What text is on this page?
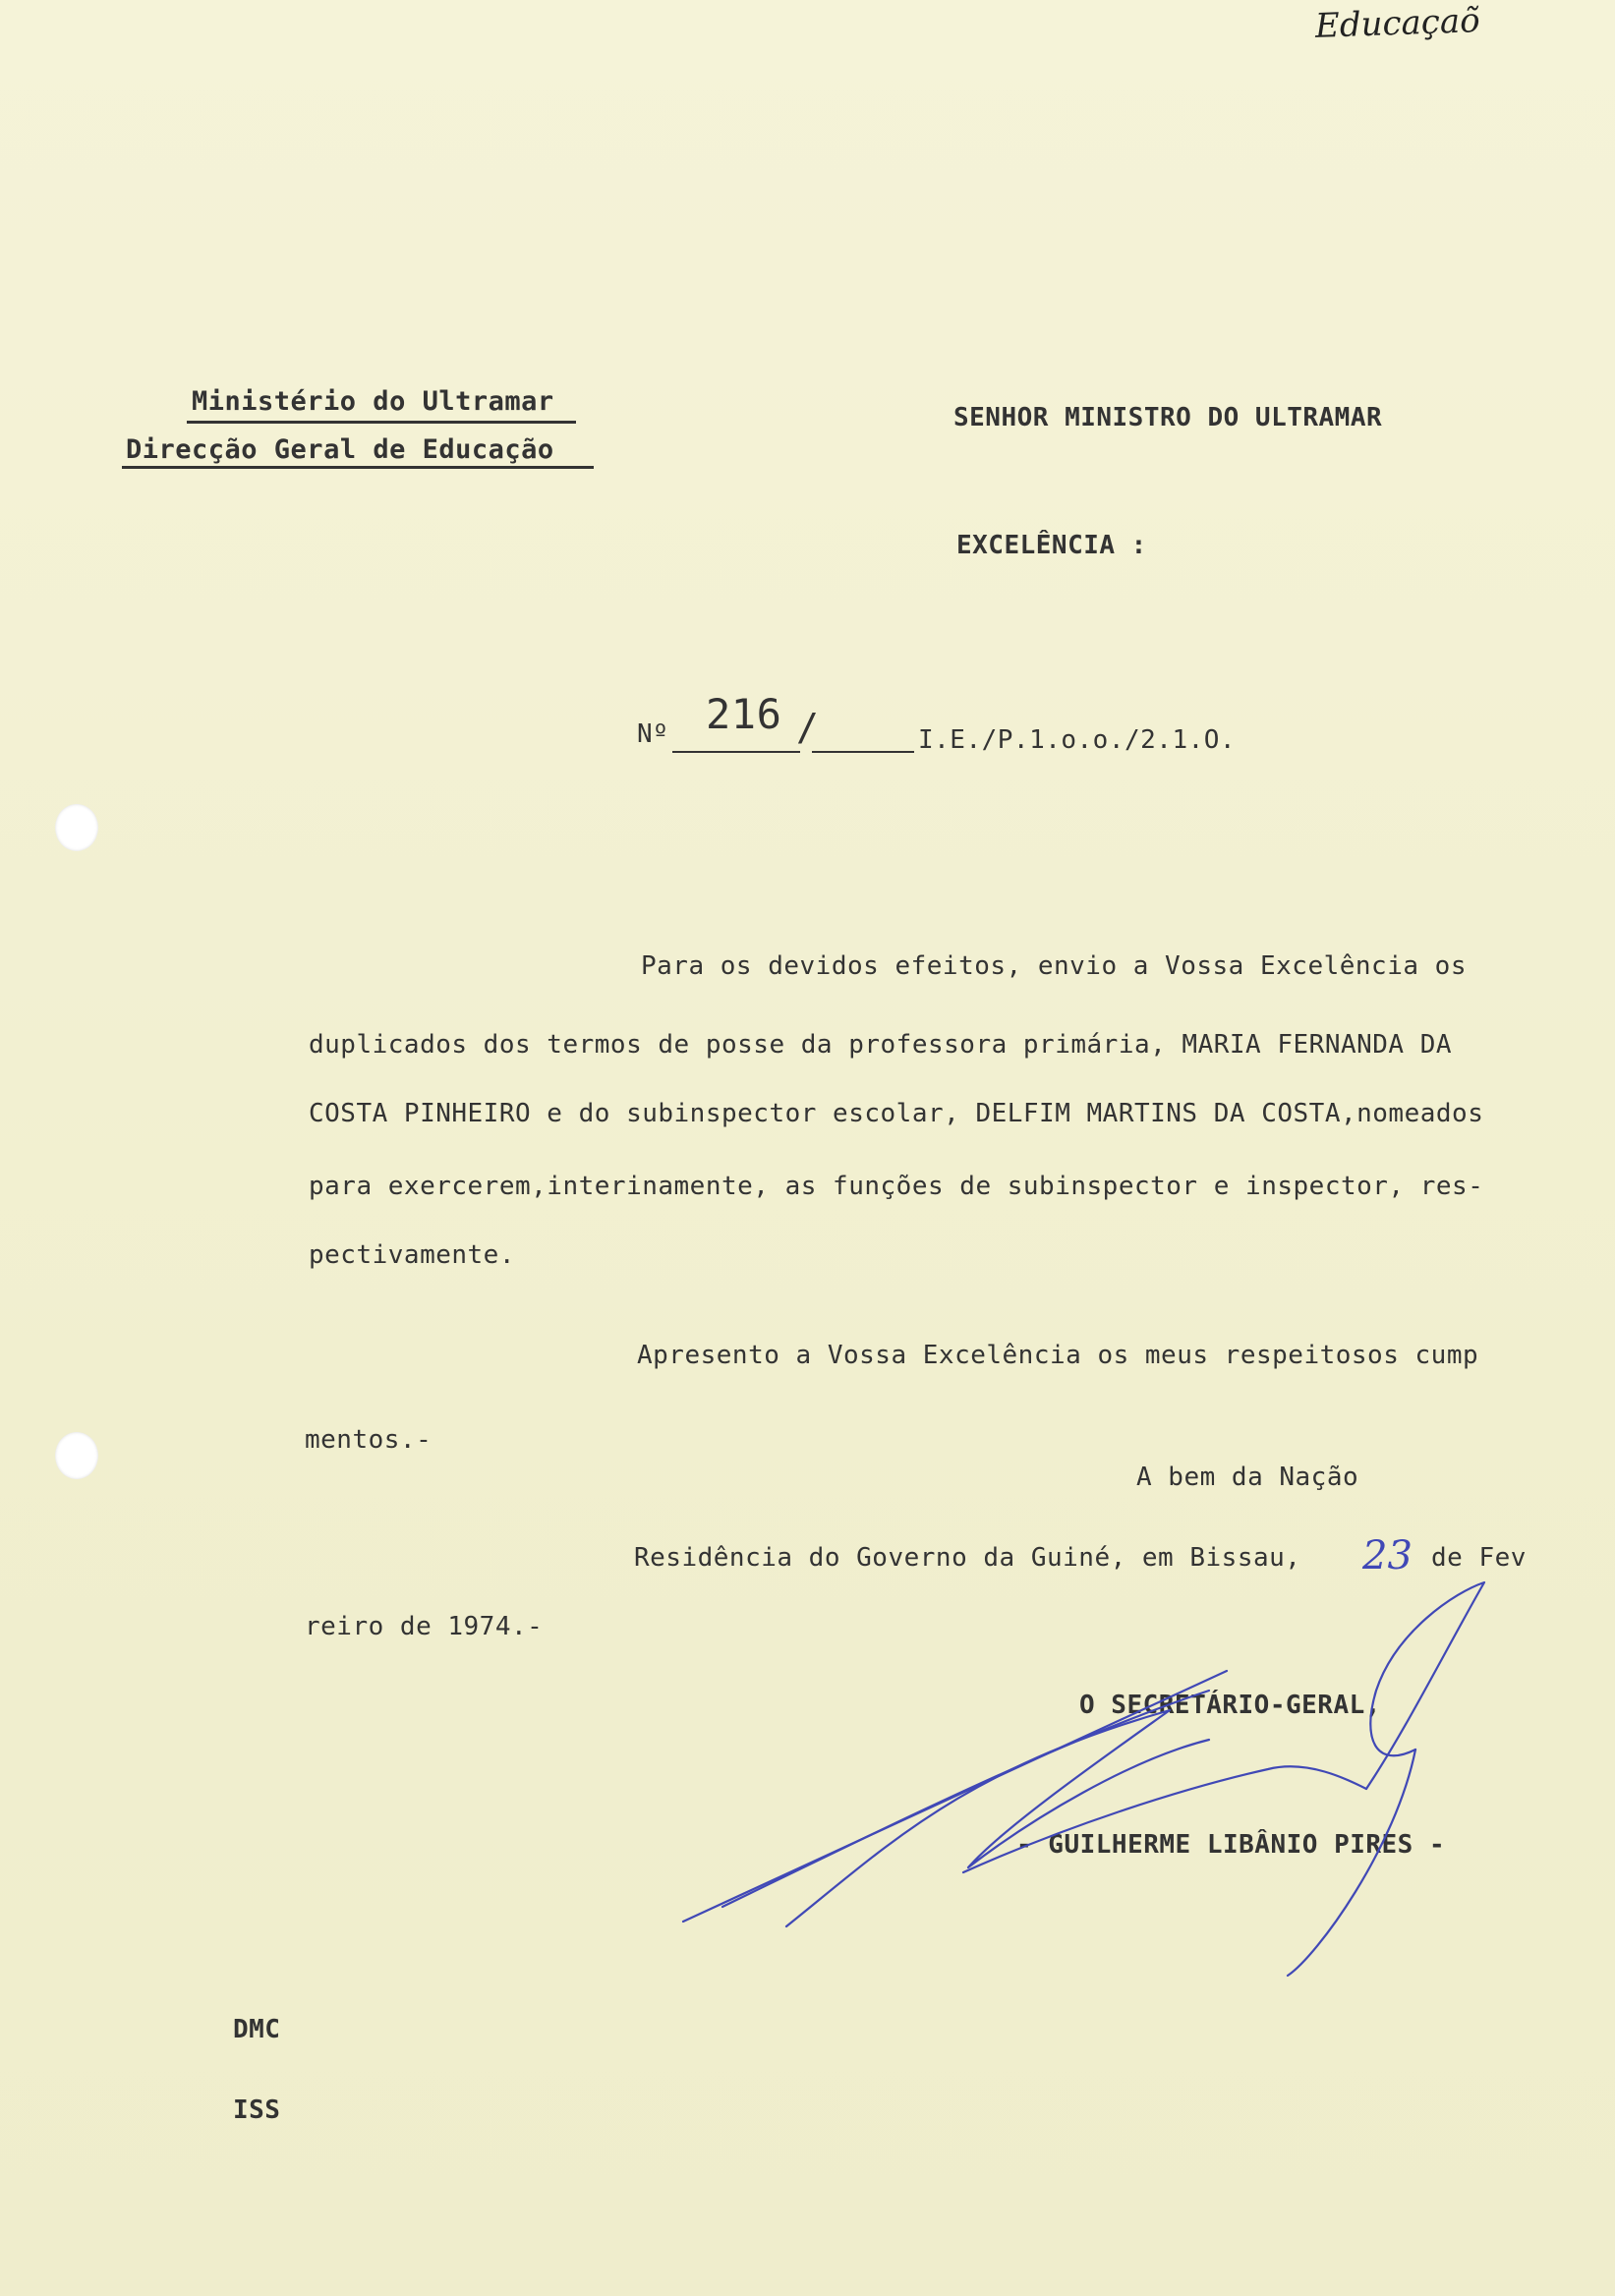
Educaçaõ
Ministério do Ultramar
Direcção Geral de Educação
SENHOR MINISTRO DO ULTRAMAR
EXCELÊNCIA :
Nº 216 /	I.E./P.1.o.o./2.1.O.
Para os devidos efeitos, envio a Vossa Excelência os
duplicados dos termos de posse da professora primária, MARIA FERNANDA DA
COSTA PINHEIRO e do subinspector escolar, DELFIM MARTINS DA COSTA,nomeados
para exercerem,interinamente, as funções de subinspector e inspector, res-
pectivamente.
Apresento a Vossa Excelência os meus respeitosos cump
mentos.-
A bem da Nação
Residência do Governo da Guiné, em Bissau, 23 de Fev
reiro de 1974.-
O SECRETÁRIO-GERAL,
- GUILHERME LIBÂNIO PIRES -
DMC
ISS
